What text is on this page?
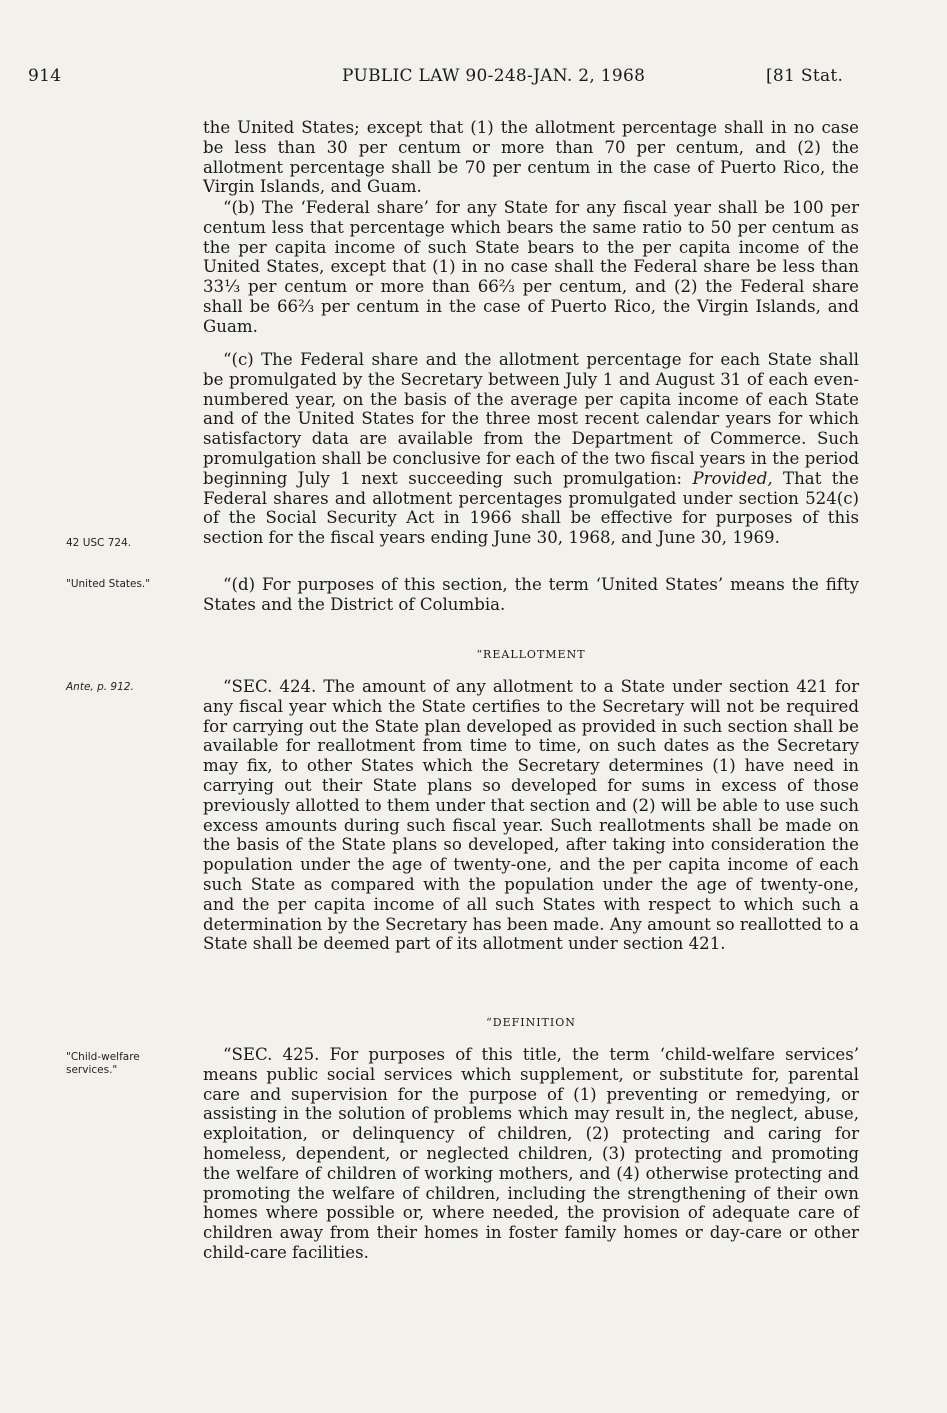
914	PUBLIC LAW 90-248-JAN. 2, 1968	[81 Stat.

the United States; except that (1) the allotment percentage shall in no case be less than 30 per centum or more than 70 per centum, and (2) the allotment percentage shall be 70 per centum in the case of Puerto Rico, the Virgin Islands, and Guam.

“(b) The ‘Federal share’ for any State for any fiscal year shall be 100 per centum less that percentage which bears the same ratio to 50 per centum as the per capita income of such State bears to the per capita income of the United States, except that (1) in no case shall the Federal share be less than 33⅓ per centum or more than 66⅔ per centum, and (2) the Federal share shall be 66⅔ per centum in the case of Puerto Rico, the Virgin Islands, and Guam.

“(c) The Federal share and the allotment percentage for each State shall be promulgated by the Secretary between July 1 and August 31 of each even-numbered year, on the basis of the average per capita income of each State and of the United States for the three most recent calendar years for which satisfactory data are available from the Department of Commerce. Such promulgation shall be conclusive for each of the two fiscal years in the period beginning July 1 next succeeding such promulgation: Provided, That the Federal shares and allotment percentages promulgated under section 524(c) of the Social Security Act in 1966 shall be effective for purposes of this section for the fiscal years ending June 30, 1968, and June 30, 1969.

42 USC 724.

“(d) For purposes of this section, the term ‘United States’ means the fifty States and the District of Columbia.

"United States."
“REALLOTMENT
Ante, p. 912.	“SEC. 424. The amount of any allotment to a State under section 421 for any fiscal year which the State certifies to the Secretary will not be required for carrying out the State plan developed as provided in such section shall be available for reallotment from time to time, on such dates as the Secretary may fix, to other States which the Secretary determines (1) have need in carrying out their State plans so developed for sums in excess of those previously allotted to them under that section and (2) will be able to use such excess amounts during such fiscal year. Such reallotments shall be made on the basis of the State plans so developed, after taking into consideration the population under the age of twenty-one, and the per capita income of each such State as compared with the population under the age of twenty-one, and the per capita income of all such States with respect to which such a determination by the Secretary has been made. Any amount so reallotted to a State shall be deemed part of its allotment under section 421.

“DEFINITION
"Child-welfare services."

“SEC. 425. For purposes of this title, the term ‘child-welfare services’ means public social services which supplement, or substitute for, parental care and supervision for the purpose of (1) preventing or remedying, or assisting in the solution of problems which may result in, the neglect, abuse, exploitation, or delinquency of children, (2) protecting and caring for homeless, dependent, or neglected children, (3) protecting and promoting the welfare of children of working mothers, and (4) otherwise protecting and promoting the welfare of children, including the strengthening of their own homes where possible or, where needed, the provision of adequate care of children away from their homes in foster family homes or day-care or other child-care facilities.
